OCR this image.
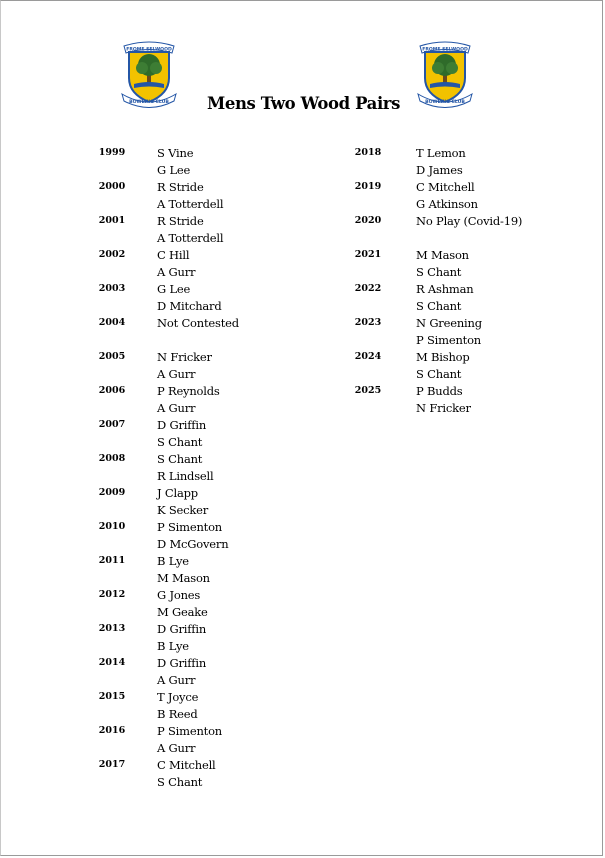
FROME SELWOOD
BOWLING CLUB
FROME SELWOOD
BOWLING CLUB
Mens Two Wood Pairs
1999	S Vine
G Lee
2000	R Stride
A Totterdell
2001	R Stride
A Totterdell
2002	C Hill
A Gurr
2003	G Lee
D Mitchard
2004	Not Contested
2005	N Fricker
A Gurr
2006	P Reynolds
A Gurr
2007	D Griffin
S Chant
2008	S Chant
R Lindsell
2009	J Clapp
K Secker
2010	P Simenton
D McGovern
2011	B Lye
M Mason
2012	G Jones
M Geake
2013	D Griffin
B Lye
2014	D Griffin
A Gurr
2015	T Joyce
B Reed
2016	P Simenton
A Gurr
2017	C Mitchell
S Chant
2018	T Lemon
D James
2019	C Mitchell
G Atkinson
2020	No Play (Covid-19)
2021	M Mason
S Chant
2022	R Ashman
S Chant
2023	N Greening
P Simenton
2024	M Bishop
S Chant
2025	P Budds
N Fricker
